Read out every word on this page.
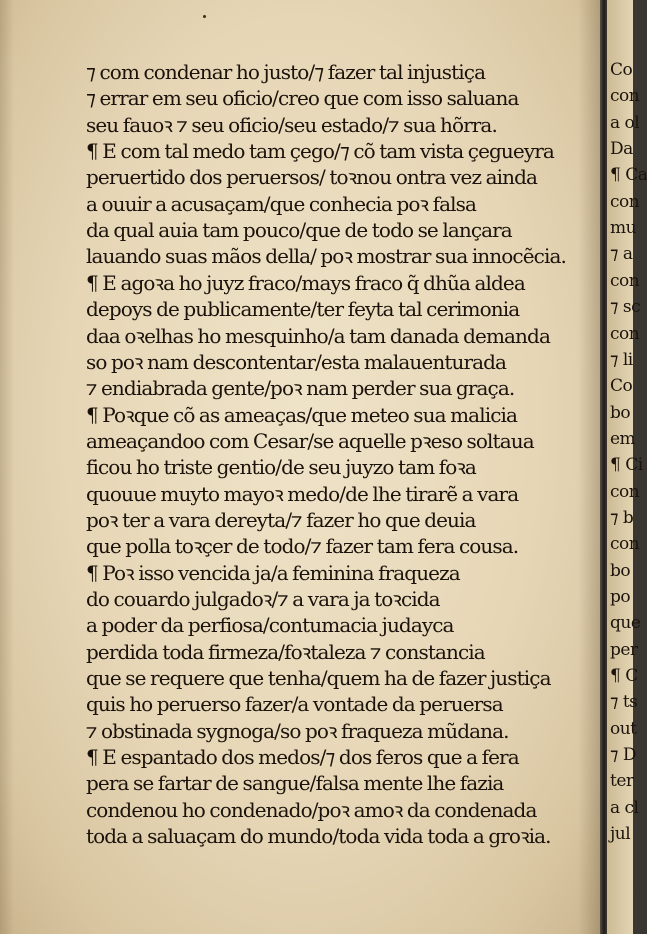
⁊ com condenar ho justo/⁊ fazer tal injustiça
⁊ errar em seu oficio/creo que com isso saluana
seu fauoꝛ ⁊ seu oficio/seu estado/⁊ sua hõrra.
¶ E com tal medo tam çego/⁊ cõ tam vista çegueyra
peruertido dos peruersos/ toꝛnou ontra vez ainda
a ouuir a acusaçam/que conhecia poꝛ falsa
da qual auia tam pouco/que de todo se lançara
lauando suas mãos della/ poꝛ mostrar sua innocẽcia.
¶ E agoꝛa ho juyz fraco/mays fraco q̃ dhũa aldea
depoys de publicamente/ter feyta tal cerimonia
daa oꝛelhas ho mesquinho/a tam danada demanda
so poꝛ nam descontentar/esta malauenturada
⁊ endiabrada gente/poꝛ nam perder sua graça.
¶ Poꝛque cõ as ameaças/que meteo sua malicia
ameaçandoo com Cesar/se aquelle pꝛeso soltaua
ficou ho triste gentio/de seu juyzo tam foꝛa
quouue muyto mayoꝛ medo/de lhe tirarẽ a vara
poꝛ ter a vara dereyta/⁊ fazer ho que deuia
que polla toꝛçer de todo/⁊ fazer tam fera cousa.
¶ Poꝛ isso vencida ja/a feminina fraqueza
do couardo julgadoꝛ/⁊ a vara ja toꝛcida
a poder da perfiosa/contumacia judayca
perdida toda firmeza/foꝛtaleza ⁊ constancia
que se requere que tenha/quem ha de fazer justiça
quis ho peruerso fazer/a vontade da peruersa
⁊ obstinada sygnoga/so poꝛ fraqueza mũdana.
¶ E espantado dos medos/⁊ dos feros que a fera
pera se fartar de sangue/falsa mente lhe fazia
condenou ho condenado/poꝛ amoꝛ da condenada
toda a saluaçam do mundo/toda vida toda a groꝛia.
Co
con
a ol
Da
¶ Ca
con
mu
⁊ a
con
⁊ sc
con
⁊ li
Co
bo
em
¶ Ci
con
⁊ b
con
bo
po
que
per
¶ C
⁊ ts
out
⁊ D
ter
a cl
jul
